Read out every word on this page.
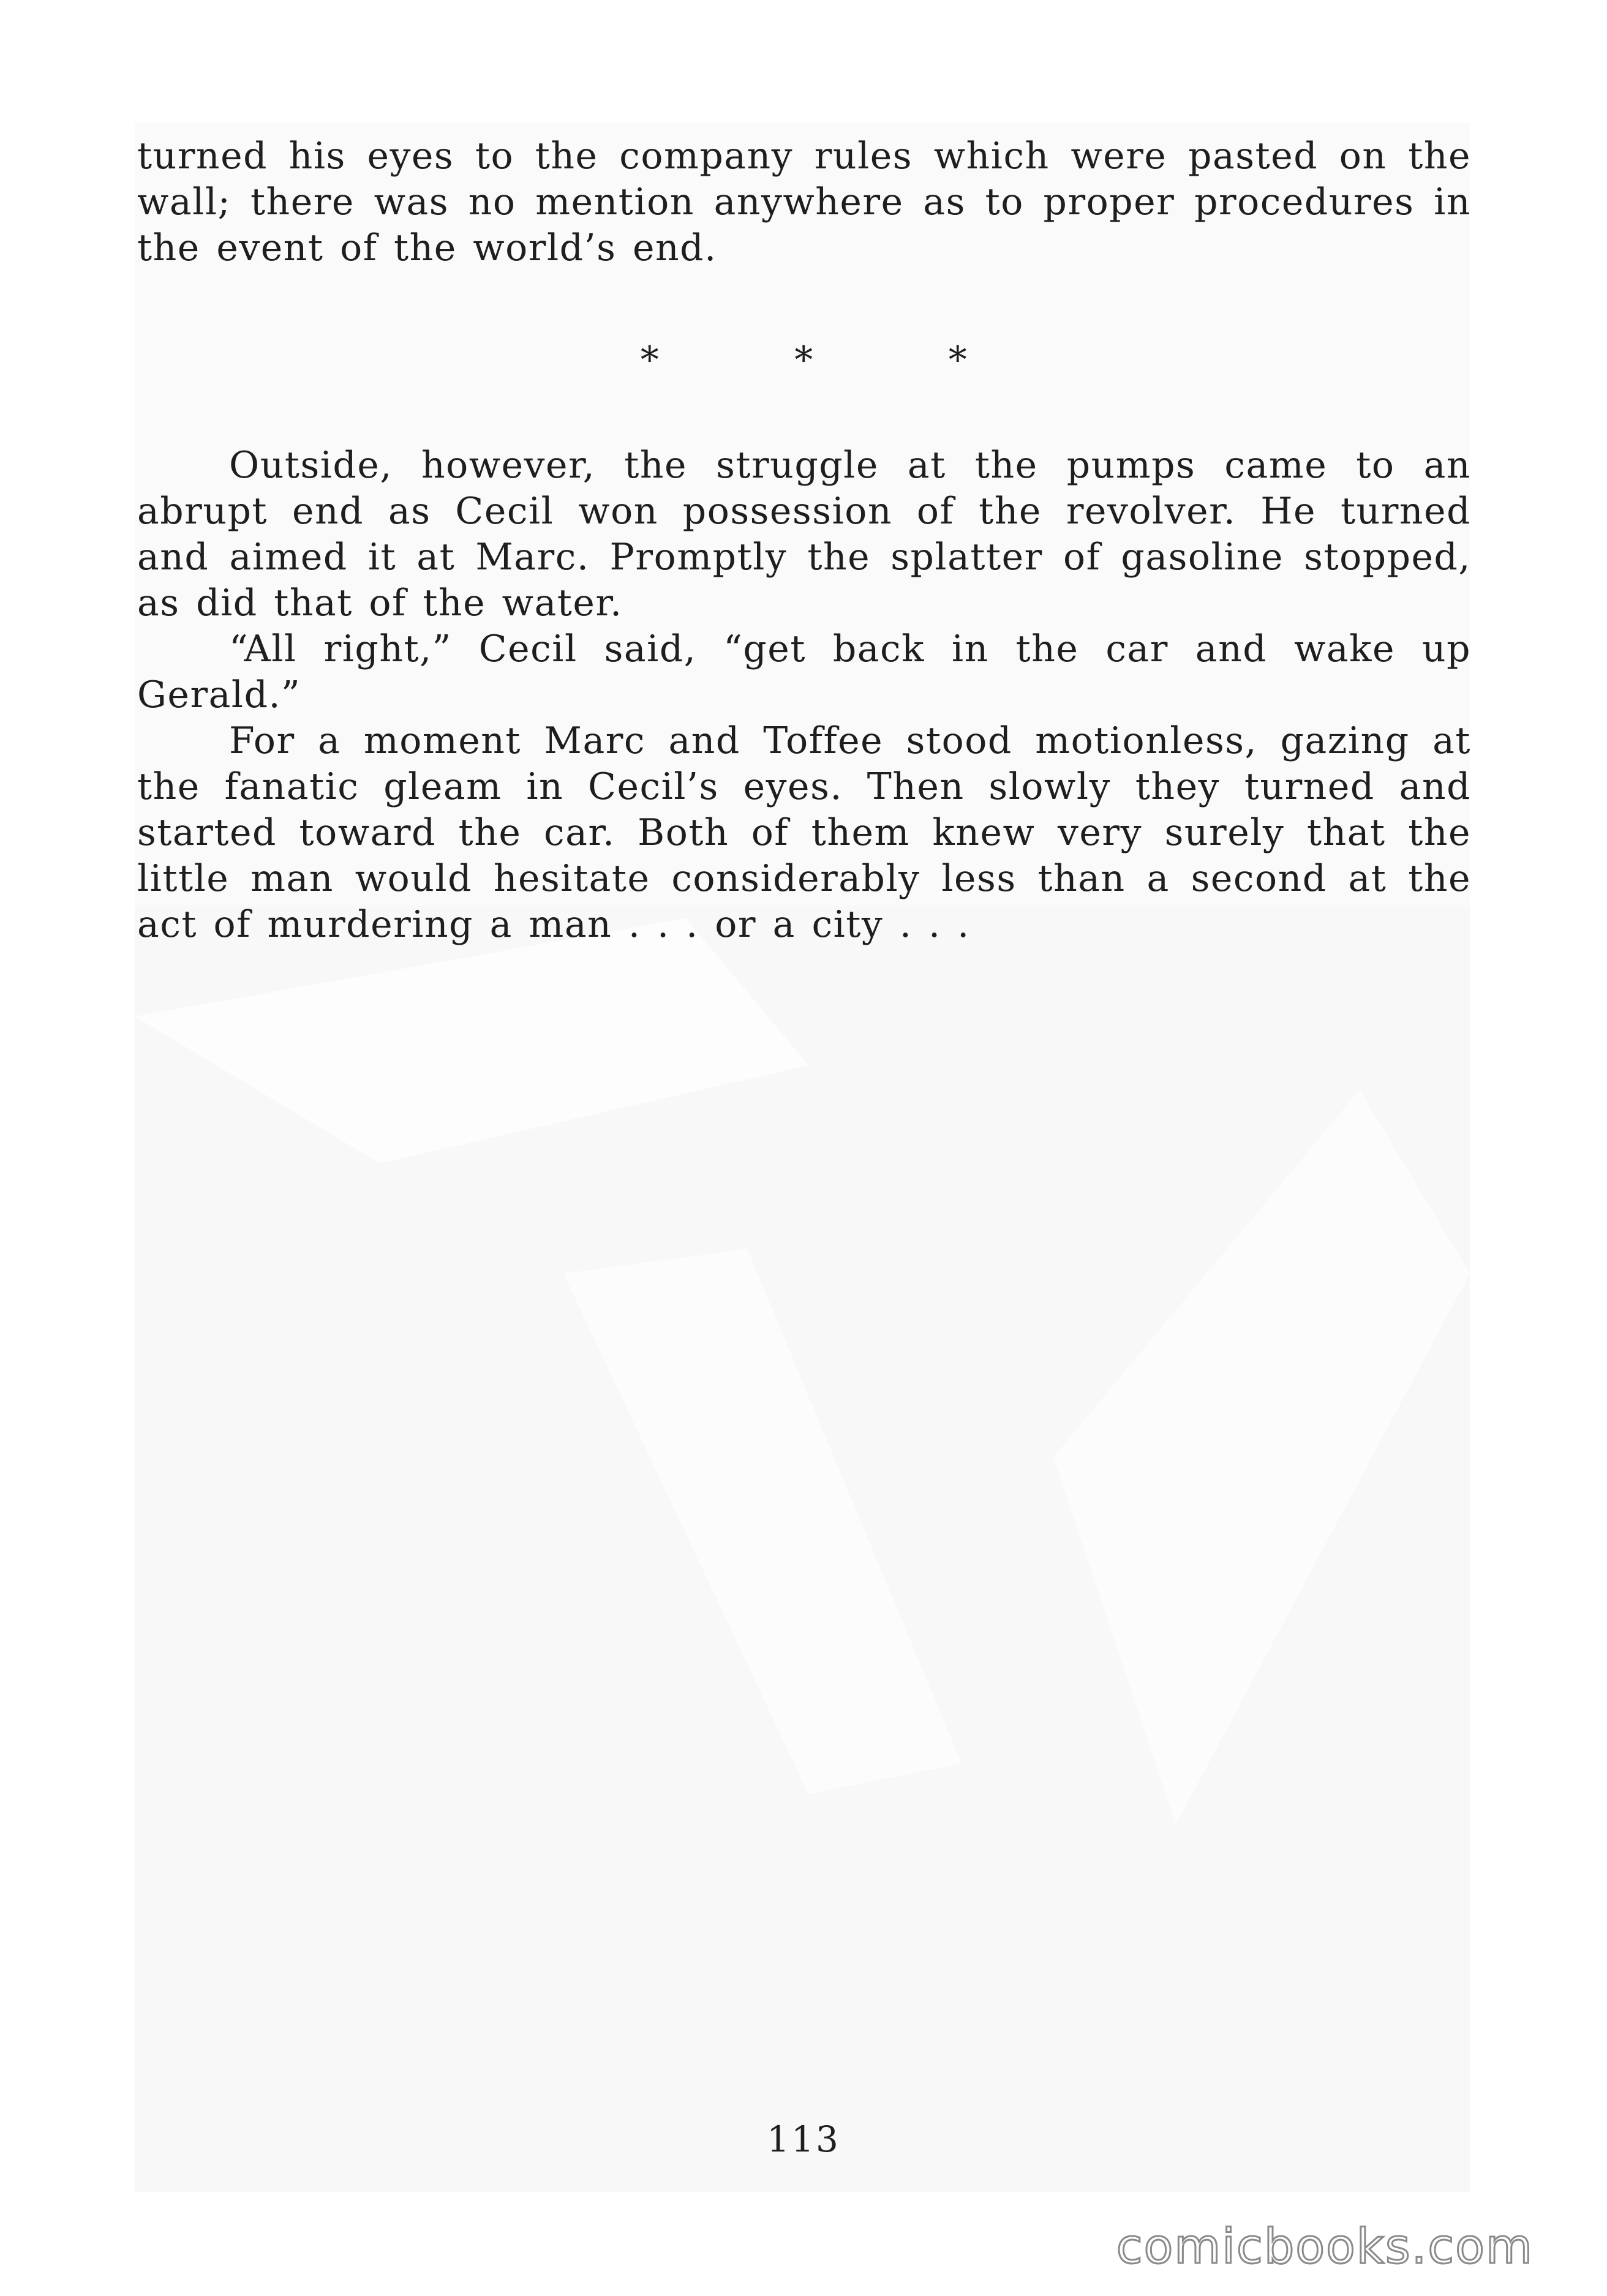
turned his eyes to the company rules which were pasted on the wall; there was no mention anywhere as to proper procedures in the event of the world’s end.

*	*	*

Outside, however, the struggle at the pumps came to an abrupt end as Cecil won possession of the revolver. He turned and aimed it at Marc. Promptly the splatter of gasoline stopped, as did that of the water.

“All right,” Cecil said, “get back in the car and wake up Gerald.”

For a moment Marc and Toffee stood motionless, gazing at the fanatic gleam in Cecil’s eyes. Then slowly they turned and started toward the car. Both of them knew very surely that the little man would hesitate considerably less than a second at the act of murdering a man . . . or a city . . .

113
comicbooks.com
